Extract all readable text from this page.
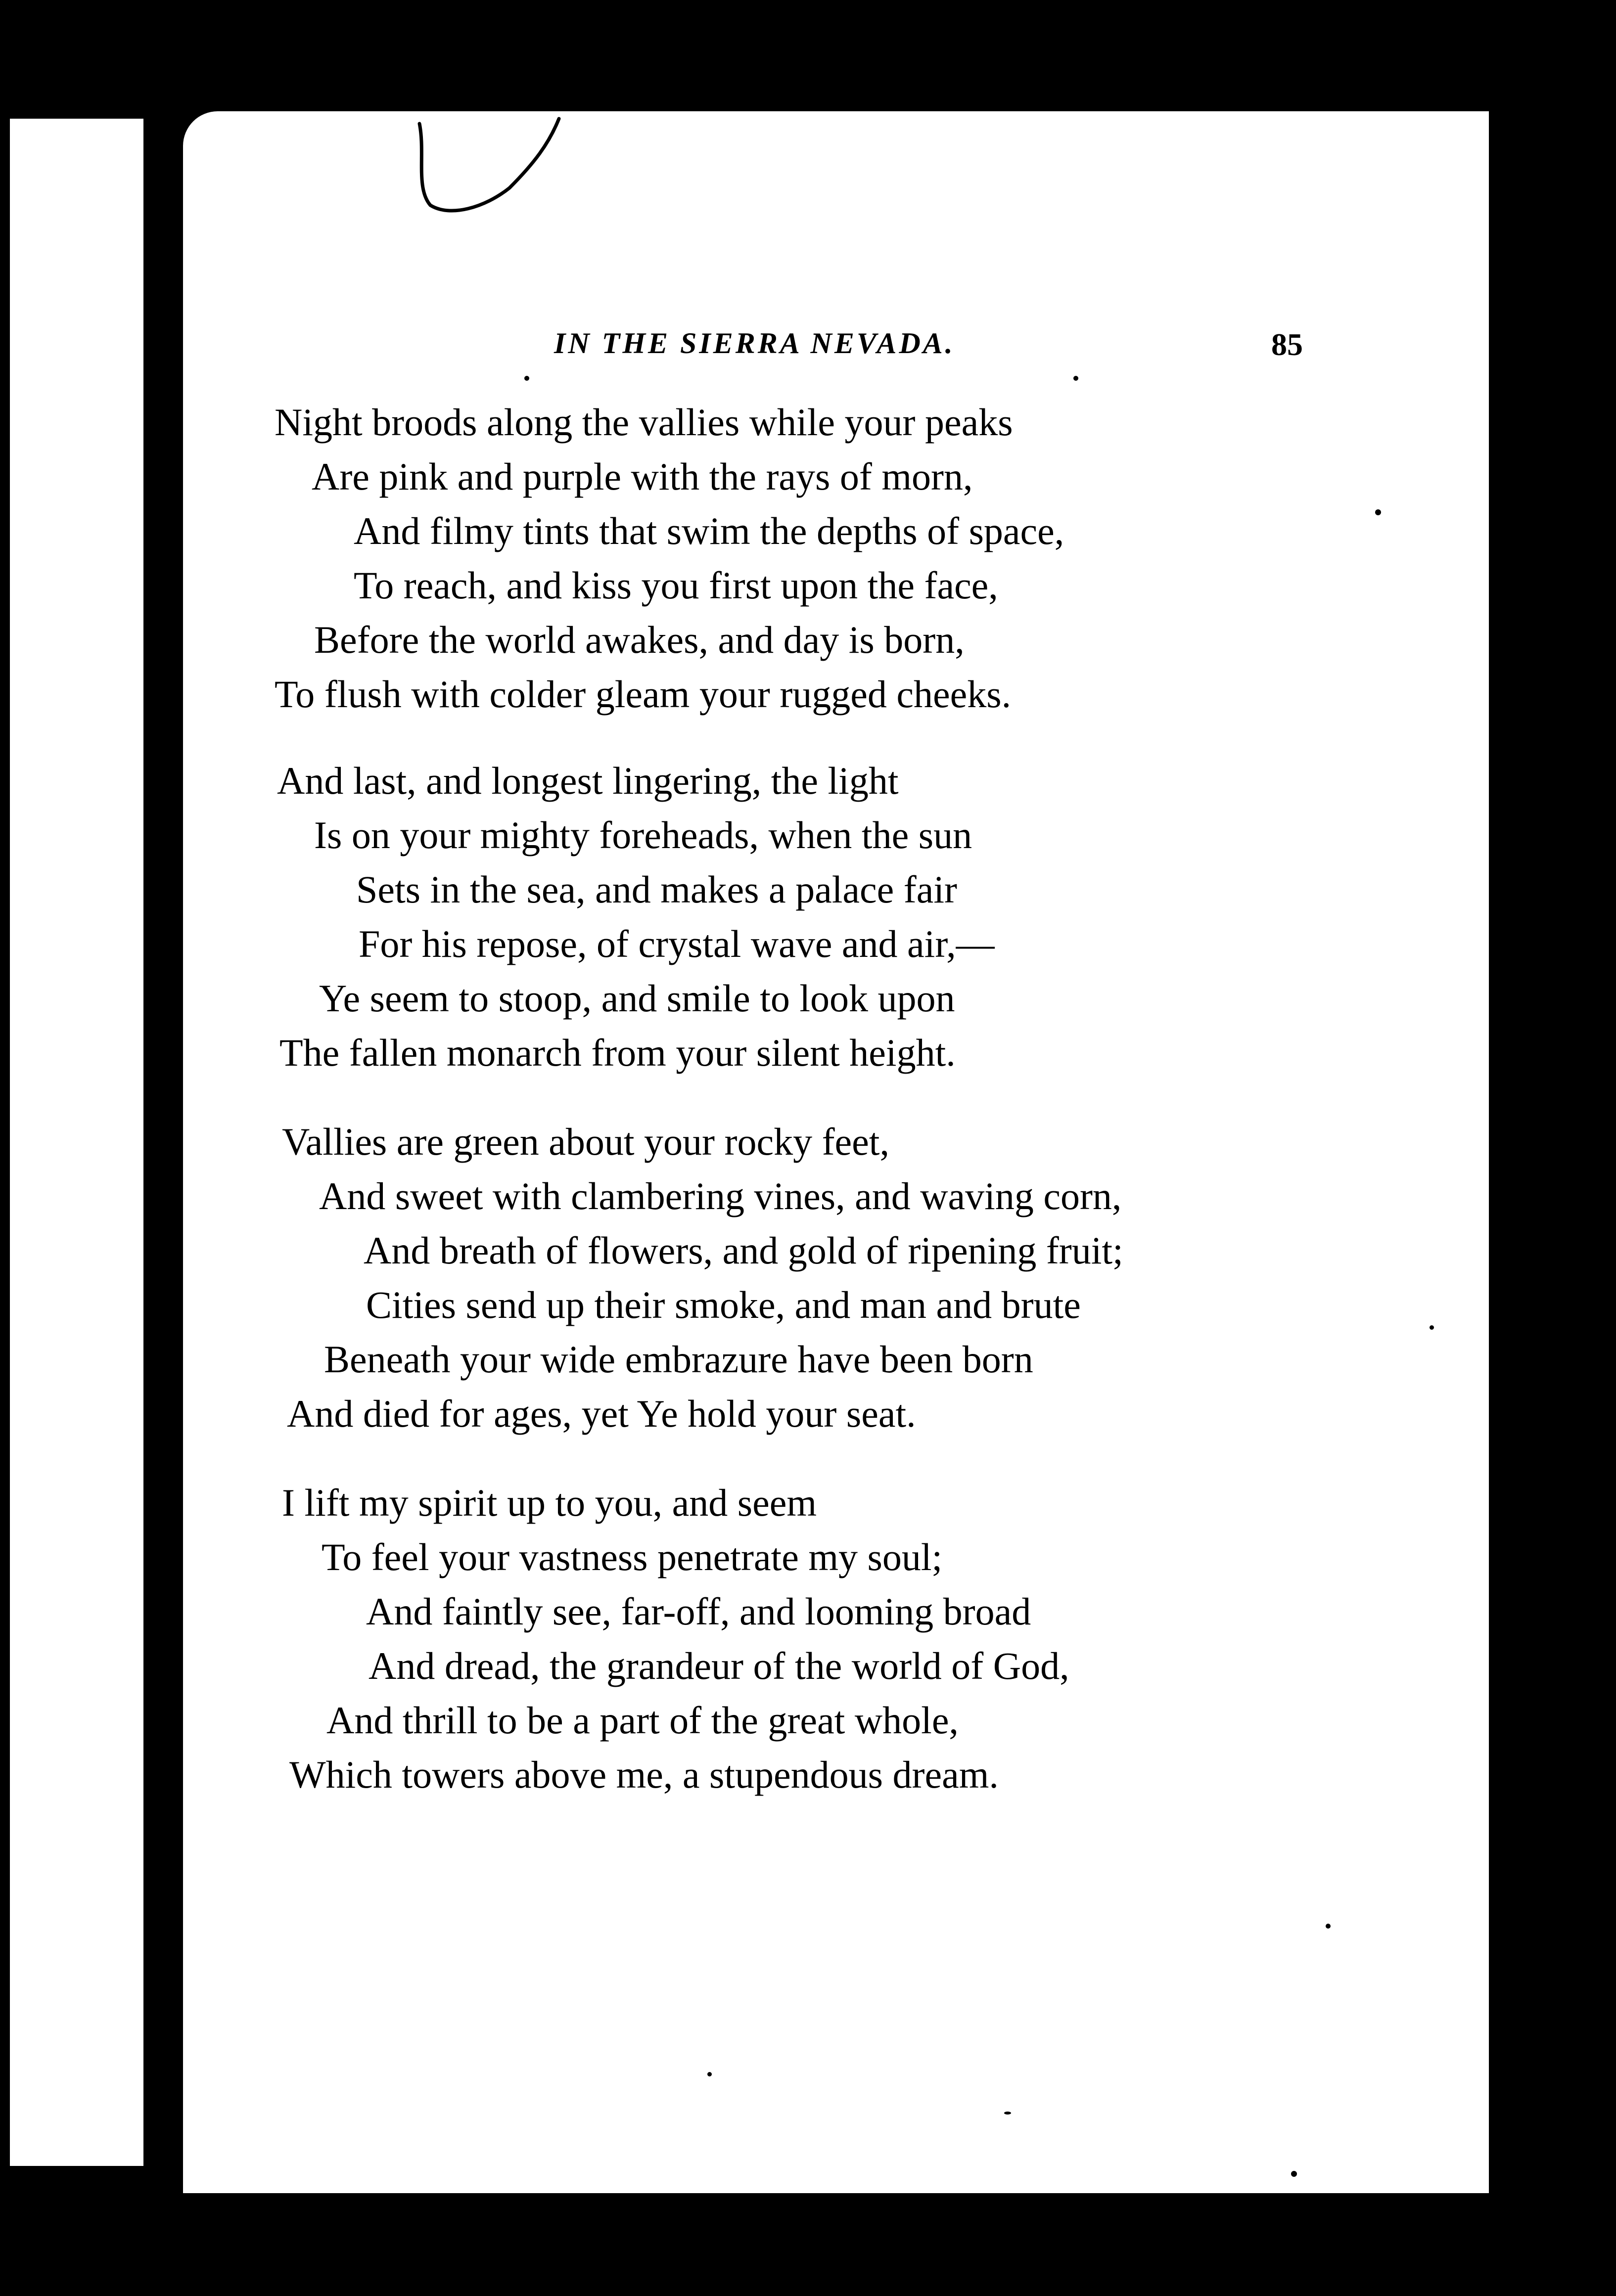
IN THE SIERRA NEVADA.	85
Night broods along the vallies while your peaks
Are pink and purple with the rays of morn,
And filmy tints that swim the depths of space,
To reach, and kiss you first upon the face,
Before the world awakes, and day is born,
To flush with colder gleam your rugged cheeks.
And last, and longest lingering, the light
Is on your mighty foreheads, when the sun
Sets in the sea, and makes a palace fair
For his repose, of crystal wave and air,—
Ye seem to stoop, and smile to look upon
The fallen monarch from your silent height.
Vallies are green about your rocky feet,
And sweet with clambering vines, and waving corn,
And breath of flowers, and gold of ripening fruit;
Cities send up their smoke, and man and brute
Beneath your wide embrazure have been born
And died for ages, yet Ye hold your seat.
I lift my spirit up to you, and seem
To feel your vastness penetrate my soul;
And faintly see, far-off, and looming broad
And dread, the grandeur of the world of God,
And thrill to be a part of the great whole,
Which towers above me, a stupendous dream.
